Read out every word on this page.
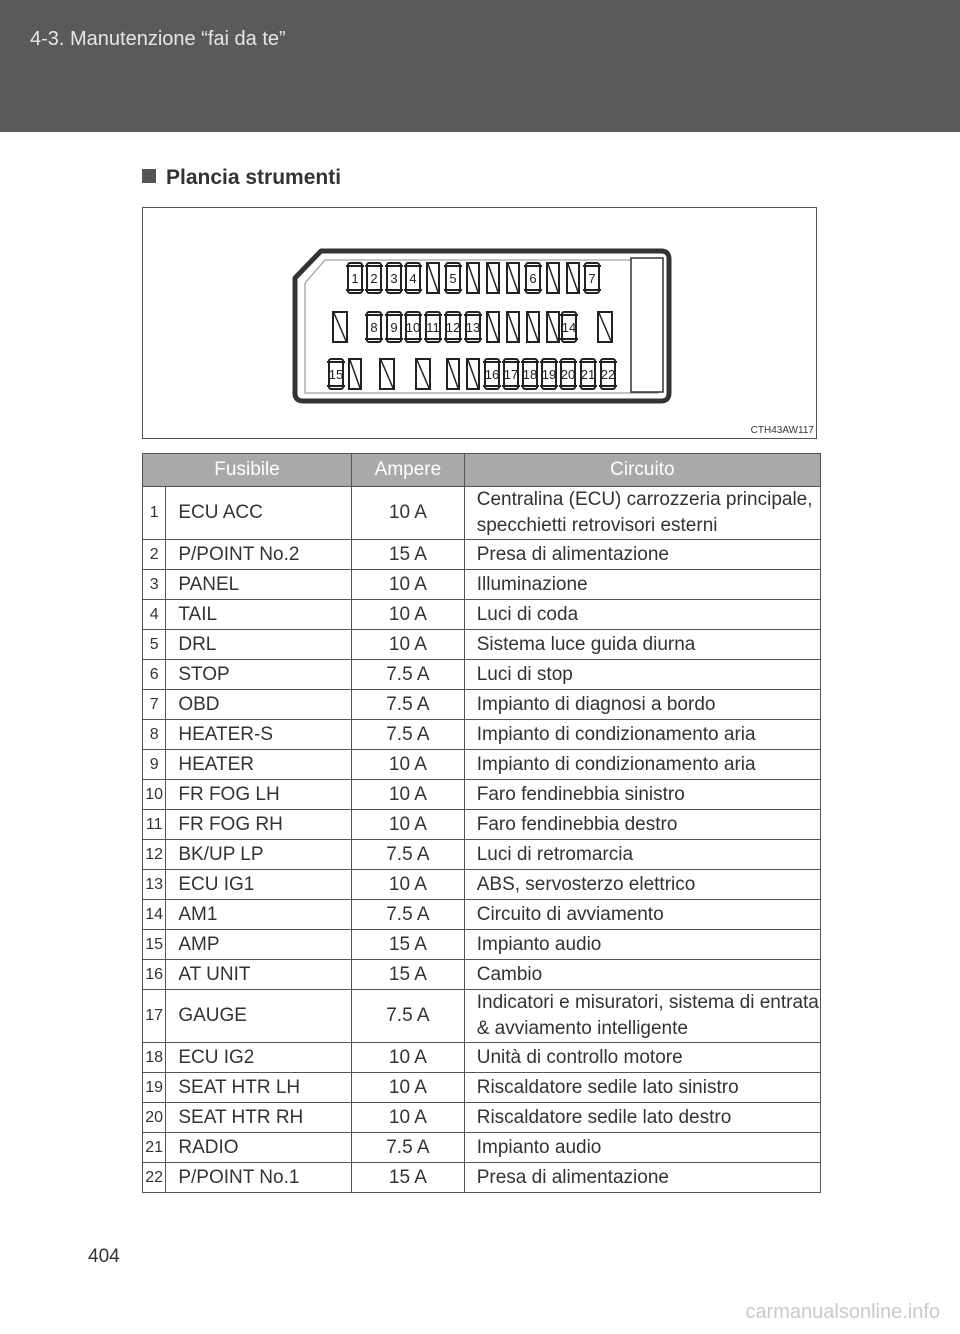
4-3. Manutenzione “fai da te”
Plancia strumenti
1 2 3 4	5	6	7
8 9 10 11 12 13	14
15	16 17 18 19 20 21 22
CTH43AW117
Fusibile		Ampere	Circuito
1	ECU ACC	10 A	Centralina (ECU) carrozzeria principale, specchietti retrovisori esterni
2	P/POINT No.2	15 A	Presa di alimentazione
3	PANEL	10 A	Illuminazione
4	TAIL	10 A	Luci di coda
5	DRL	10 A	Sistema luce guida diurna
6	STOP	7.5 A	Luci di stop
7	OBD	7.5 A	Impianto di diagnosi a bordo
8	HEATER-S	7.5 A	Impianto di condizionamento aria
9	HEATER	10 A	Impianto di condizionamento aria
10	FR FOG LH	10 A	Faro fendinebbia sinistro
11	FR FOG RH	10 A	Faro fendinebbia destro
12	BK/UP LP	7.5 A	Luci di retromarcia
13	ECU IG1	10 A	ABS, servosterzo elettrico
14	AM1	7.5 A	Circuito di avviamento
15	AMP	15 A	Impianto audio
16	AT UNIT	15 A	Cambio
17	GAUGE	7.5 A	Indicatori e misuratori, sistema di entrata & avviamento intelligente
18	ECU IG2	10 A	Unità di controllo motore
19	SEAT HTR LH	10 A	Riscaldatore sedile lato sinistro
20	SEAT HTR RH	10 A	Riscaldatore sedile lato destro
21	RADIO	7.5 A	Impianto audio
22	P/POINT No.1	15 A	Presa di alimentazione
404
carmanualsonline.info
